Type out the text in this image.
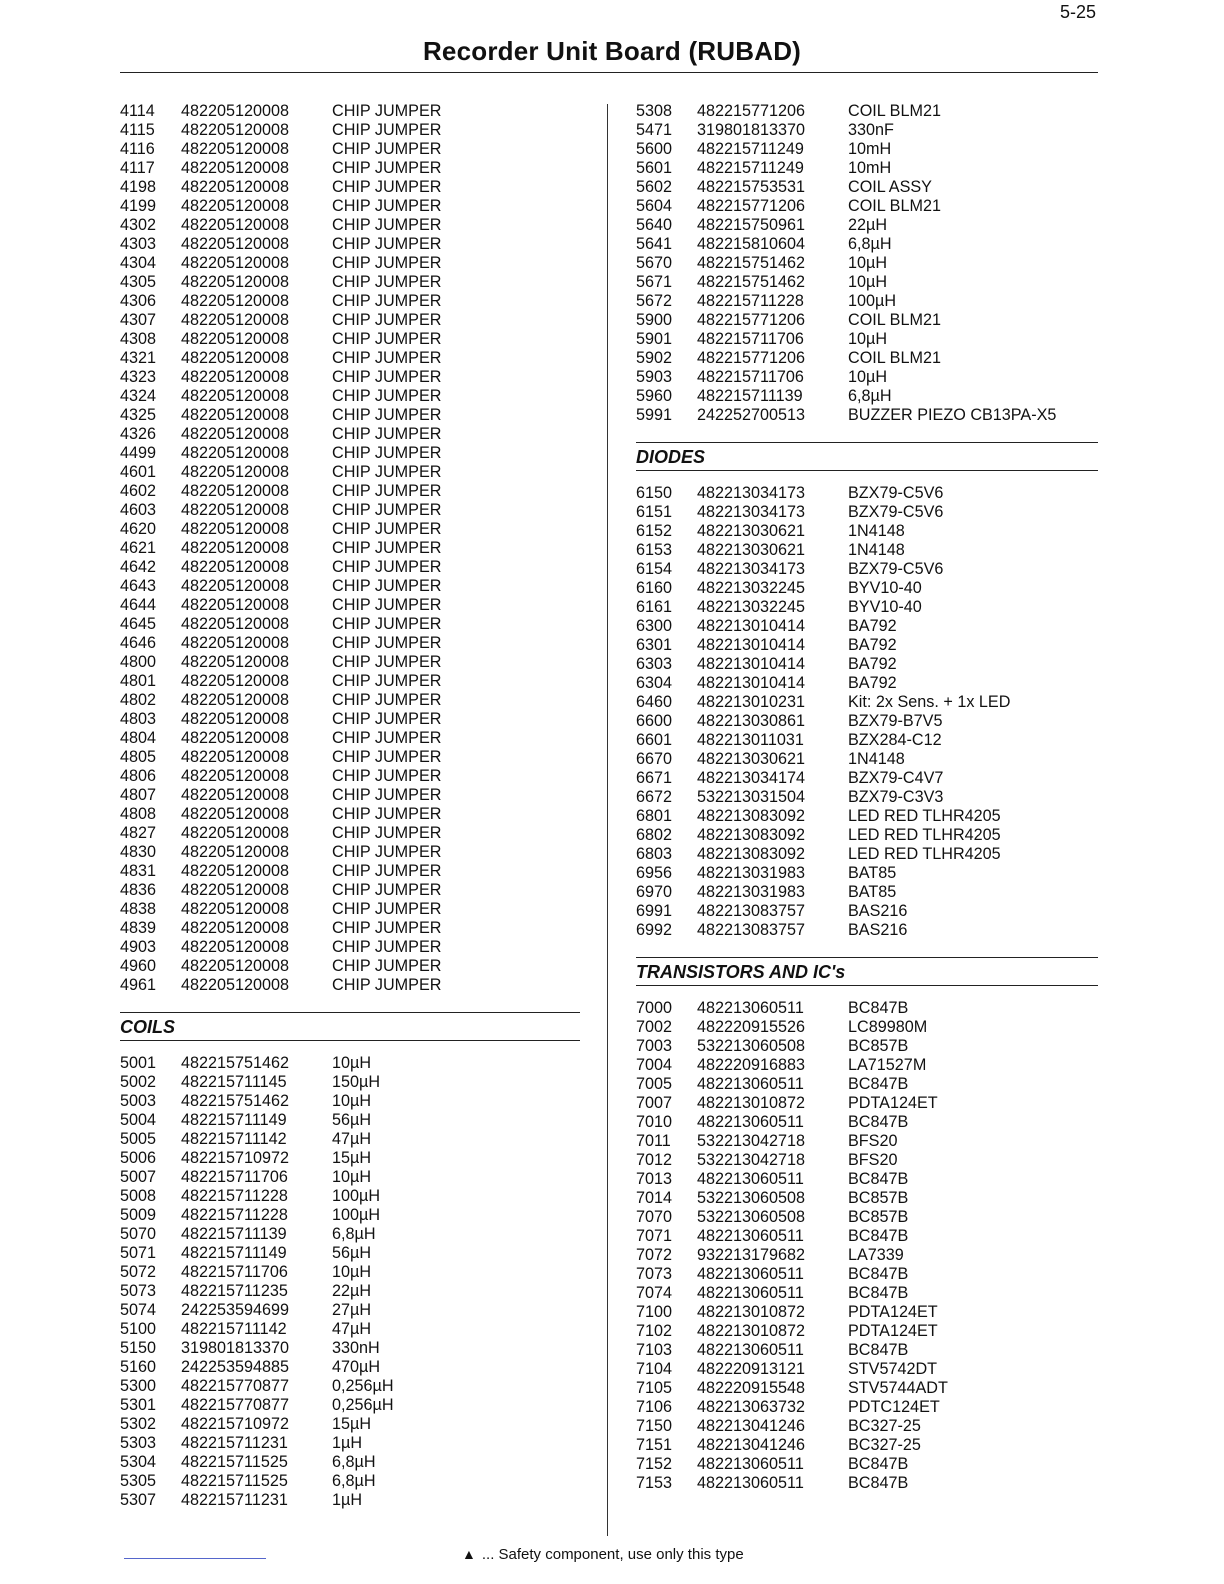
5-25
Recorder Unit Board (RUBAD)
4114	482205120008	CHIP JUMPER
4115	482205120008	CHIP JUMPER
4116	482205120008	CHIP JUMPER
4117	482205120008	CHIP JUMPER
4198	482205120008	CHIP JUMPER
4199	482205120008	CHIP JUMPER
4302	482205120008	CHIP JUMPER
4303	482205120008	CHIP JUMPER
4304	482205120008	CHIP JUMPER
4305	482205120008	CHIP JUMPER
4306	482205120008	CHIP JUMPER
4307	482205120008	CHIP JUMPER
4308	482205120008	CHIP JUMPER
4321	482205120008	CHIP JUMPER
4323	482205120008	CHIP JUMPER
4324	482205120008	CHIP JUMPER
4325	482205120008	CHIP JUMPER
4326	482205120008	CHIP JUMPER
4499	482205120008	CHIP JUMPER
4601	482205120008	CHIP JUMPER
4602	482205120008	CHIP JUMPER
4603	482205120008	CHIP JUMPER
4620	482205120008	CHIP JUMPER
4621	482205120008	CHIP JUMPER
4642	482205120008	CHIP JUMPER
4643	482205120008	CHIP JUMPER
4644	482205120008	CHIP JUMPER
4645	482205120008	CHIP JUMPER
4646	482205120008	CHIP JUMPER
4800	482205120008	CHIP JUMPER
4801	482205120008	CHIP JUMPER
4802	482205120008	CHIP JUMPER
4803	482205120008	CHIP JUMPER
4804	482205120008	CHIP JUMPER
4805	482205120008	CHIP JUMPER
4806	482205120008	CHIP JUMPER
4807	482205120008	CHIP JUMPER
4808	482205120008	CHIP JUMPER
4827	482205120008	CHIP JUMPER
4830	482205120008	CHIP JUMPER
4831	482205120008	CHIP JUMPER
4836	482205120008	CHIP JUMPER
4838	482205120008	CHIP JUMPER
4839	482205120008	CHIP JUMPER
4903	482205120008	CHIP JUMPER
4960	482205120008	CHIP JUMPER
4961	482205120008	CHIP JUMPER
COILS
5001	482215751462	10µH
5002	482215711145	150µH
5003	482215751462	10µH
5004	482215711149	56µH
5005	482215711142	47µH
5006	482215710972	15µH
5007	482215711706	10µH
5008	482215711228	100µH
5009	482215711228	100µH
5070	482215711139	6,8µH
5071	482215711149	56µH
5072	482215711706	10µH
5073	482215711235	22µH
5074	242253594699	27µH
5100	482215711142	47µH
5150	319801813370	330nH
5160	242253594885	470µH
5300	482215770877	0,256µH
5301	482215770877	0,256µH
5302	482215710972	15µH
5303	482215711231	1µH
5304	482215711525	6,8µH
5305	482215711525	6,8µH
5307	482215711231	1µH
5308	482215771206	COIL BLM21
5471	319801813370	330nF
5600	482215711249	10mH
5601	482215711249	10mH
5602	482215753531	COIL ASSY
5604	482215771206	COIL BLM21
5640	482215750961	22µH
5641	482215810604	6,8µH
5670	482215751462	10µH
5671	482215751462	10µH
5672	482215711228	100µH
5900	482215771206	COIL BLM21
5901	482215711706	10µH
5902	482215771206	COIL BLM21
5903	482215711706	10µH
5960	482215711139	6,8µH
5991	242252700513	BUZZER PIEZO CB13PA-X5
DIODES
6150	482213034173	BZX79-C5V6
6151	482213034173	BZX79-C5V6
6152	482213030621	1N4148
6153	482213030621	1N4148
6154	482213034173	BZX79-C5V6
6160	482213032245	BYV10-40
6161	482213032245	BYV10-40
6300	482213010414	BA792
6301	482213010414	BA792
6303	482213010414	BA792
6304	482213010414	BA792
6460	482213010231	Kit: 2x Sens. + 1x LED
6600	482213030861	BZX79-B7V5
6601	482213011031	BZX284-C12
6670	482213030621	1N4148
6671	482213034174	BZX79-C4V7
6672	532213031504	BZX79-C3V3
6801	482213083092	LED RED TLHR4205
6802	482213083092	LED RED TLHR4205
6803	482213083092	LED RED TLHR4205
6956	482213031983	BAT85
6970	482213031983	BAT85
6991	482213083757	BAS216
6992	482213083757	BAS216
TRANSISTORS AND IC's
7000	482213060511	BC847B
7002	482220915526	LC89980M
7003	532213060508	BC857B
7004	482220916883	LA71527M
7005	482213060511	BC847B
7007	482213010872	PDTA124ET
7010	482213060511	BC847B
7011	532213042718	BFS20
7012	532213042718	BFS20
7013	482213060511	BC847B
7014	532213060508	BC857B
7070	532213060508	BC857B
7071	482213060511	BC847B
7072	932213179682	LA7339
7073	482213060511	BC847B
7074	482213060511	BC847B
7100	482213010872	PDTA124ET
7102	482213010872	PDTA124ET
7103	482213060511	BC847B
7104	482220913121	STV5742DT
7105	482220915548	STV5744ADT
7106	482213063732	PDTC124ET
7150	482213041246	BC327-25
7151	482213041246	BC327-25
7152	482213060511	BC847B
7153	482213060511	BC847B
▲ ... Safety component, use only this type
